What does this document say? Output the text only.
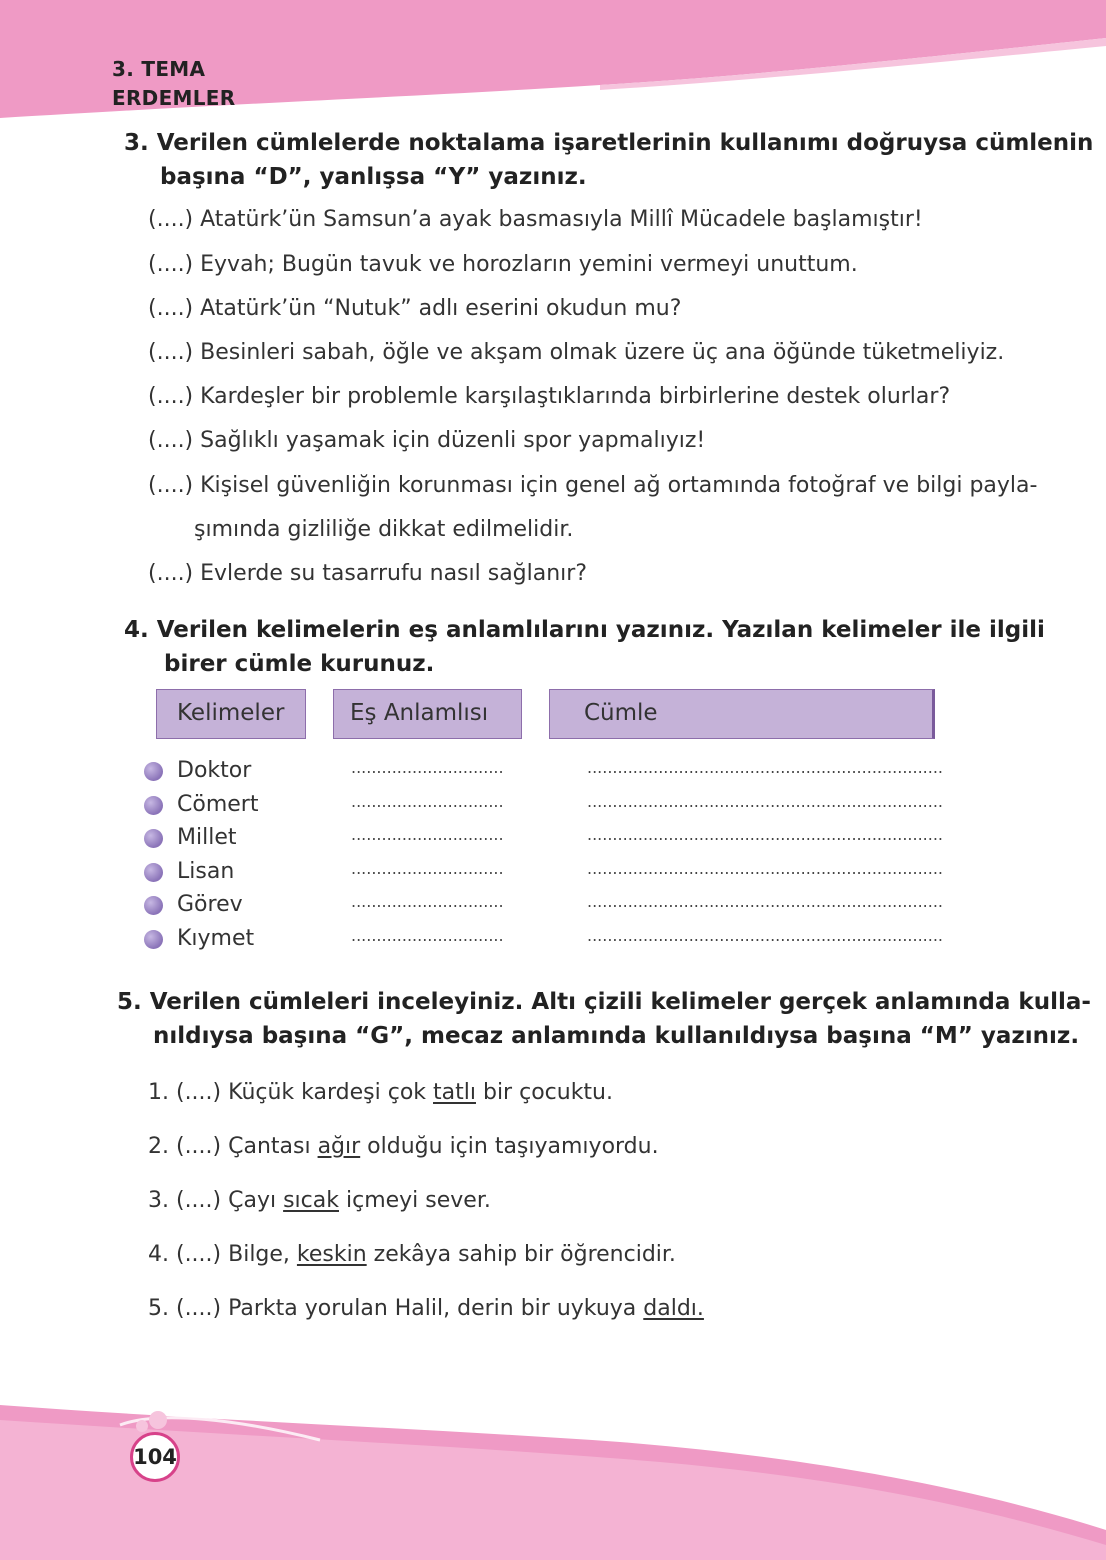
3. TEMA
ERDEMLER
3. Verilen cümlelerde noktalama işaretlerinin kullanımı doğruysa cümlenin
başına “D”, yanlışsa “Y” yazınız.
(....) Atatürk’ün Samsun’a ayak basmasıyla Millî Mücadele başlamıştır!
(....) Eyvah; Bugün tavuk ve horozların yemini vermeyi unuttum.
(....) Atatürk’ün “Nutuk” adlı eserini okudun mu?
(....) Besinleri sabah, öğle ve akşam olmak üzere üç ana öğünde tüketmeliyiz.
(....) Kardeşler bir problemle karşılaştıklarında birbirlerine destek olurlar?
(....) Sağlıklı yaşamak için düzenli spor yapmalıyız!
(....) Kişisel güvenliğin korunması için genel ağ ortamında fotoğraf ve bilgi payla-
şımında gizliliğe dikkat edilmelidir.
(....) Evlerde su tasarrufu nasıl sağlanır?
4. Verilen kelimelerin eş anlamlılarını yazınız. Yazılan kelimeler ile ilgili
birer cümle kurunuz.
Kelimeler	Eş Anlamlısı	Cümle
Doktor	..............................	......................................................................
Cömert	..............................	......................................................................
Millet	..............................	......................................................................
Lisan	..............................	......................................................................
Görev	..............................	......................................................................
Kıymet	..............................	......................................................................
5. Verilen cümleleri inceleyiniz. Altı çizili kelimeler gerçek anlamında kulla-
nıldıysa başına “G”, mecaz anlamında kullanıldıysa başına “M” yazınız.
1. (....) Küçük kardeşi çok tatlı bir çocuktu.
2. (....) Çantası ağır olduğu için taşıyamıyordu.
3. (....) Çayı sıcak içmeyi sever.
4. (....) Bilge, keskin zekâya sahip bir öğrencidir.
5. (....) Parkta yorulan Halil, derin bir uykuya daldı.
104
